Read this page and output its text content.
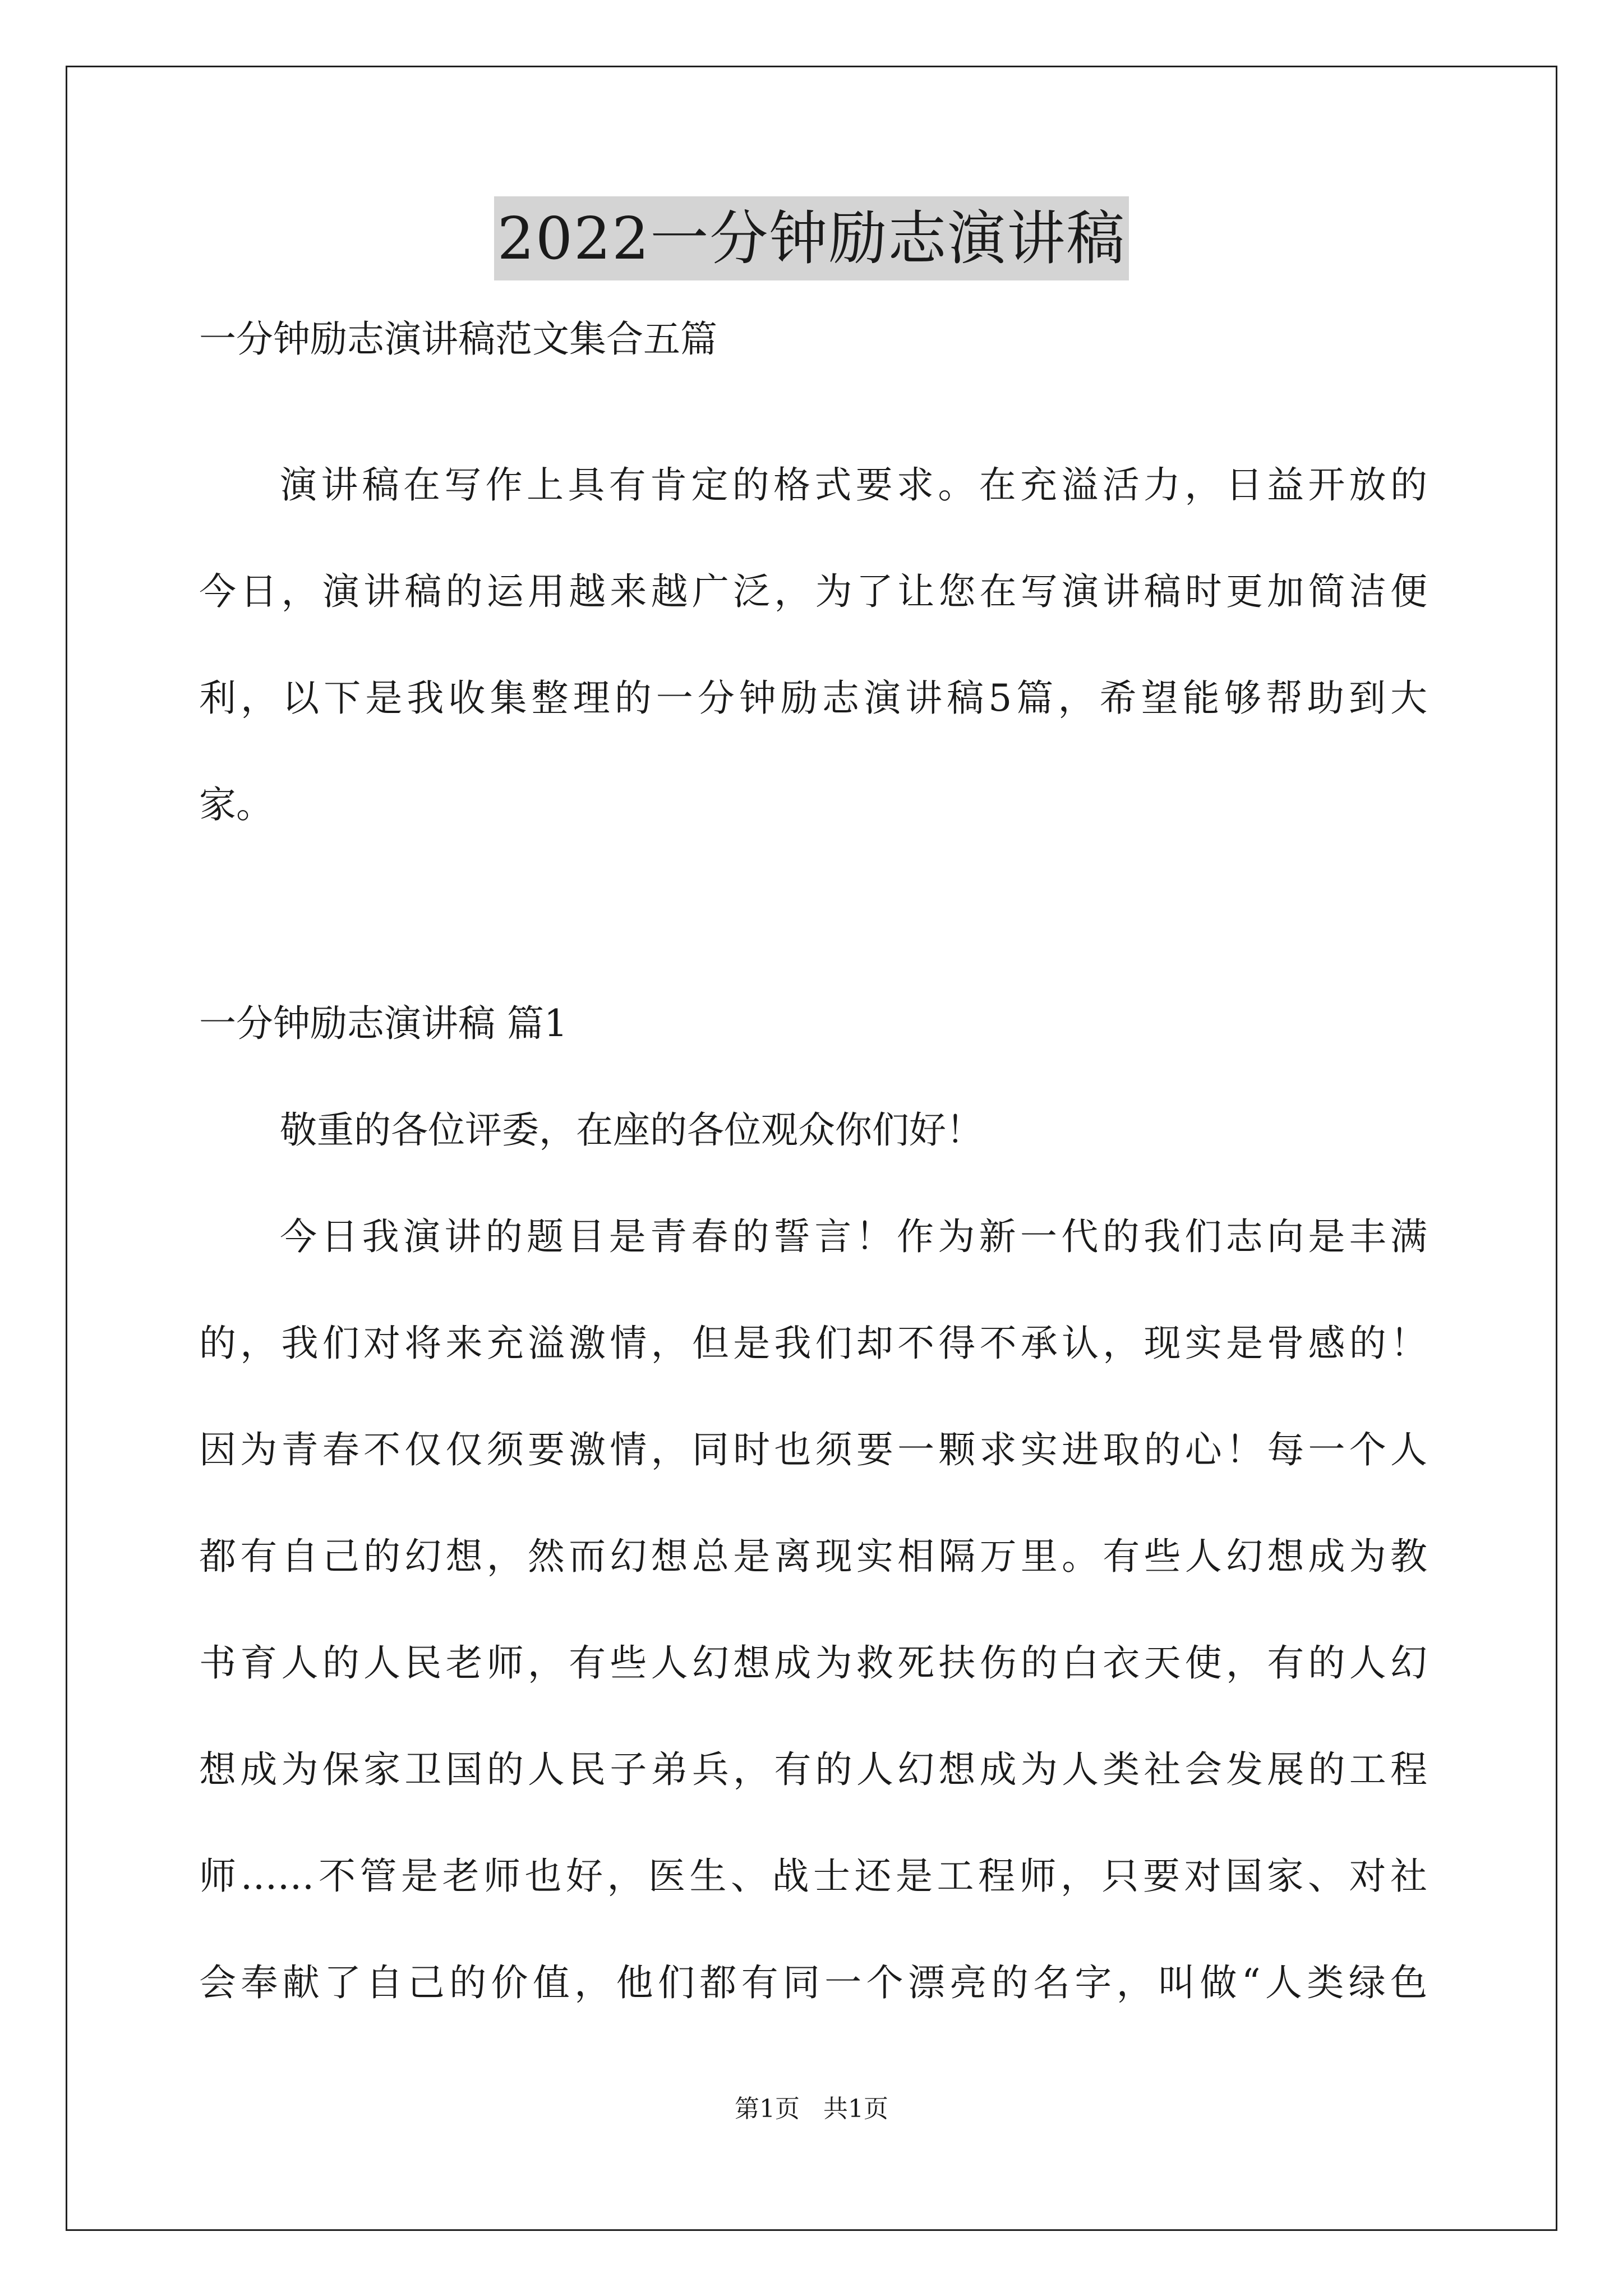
2022一分钟励志演讲稿
一分钟励志演讲稿范文集合五篇
演讲稿在写作上具有肯定的格式要求。在充溢活力，日益开放的
今日，演讲稿的运用越来越广泛，为了让您在写演讲稿时更加简洁便
利，以下是我收集整理的一分钟励志演讲稿5篇，希望能够帮助到大
家。
一分钟励志演讲稿 篇1
敬重的各位评委，在座的各位观众你们好！
今日我演讲的题目是青春的誓言！作为新一代的我们志向是丰满
的，我们对将来充溢激情，但是我们却不得不承认，现实是骨感的！
因为青春不仅仅须要激情，同时也须要一颗求实进取的心！每一个人
都有自己的幻想，然而幻想总是离现实相隔万里。有些人幻想成为教
书育人的人民老师，有些人幻想成为救死扶伤的白衣天使，有的人幻
想成为保家卫国的人民子弟兵，有的人幻想成为人类社会发展的工程
师……不管是老师也好，医生、战士还是工程师，只要对国家、对社
会奉献了自己的价值，他们都有同一个漂亮的名字，叫做“人类绿色
第1页   共1页
